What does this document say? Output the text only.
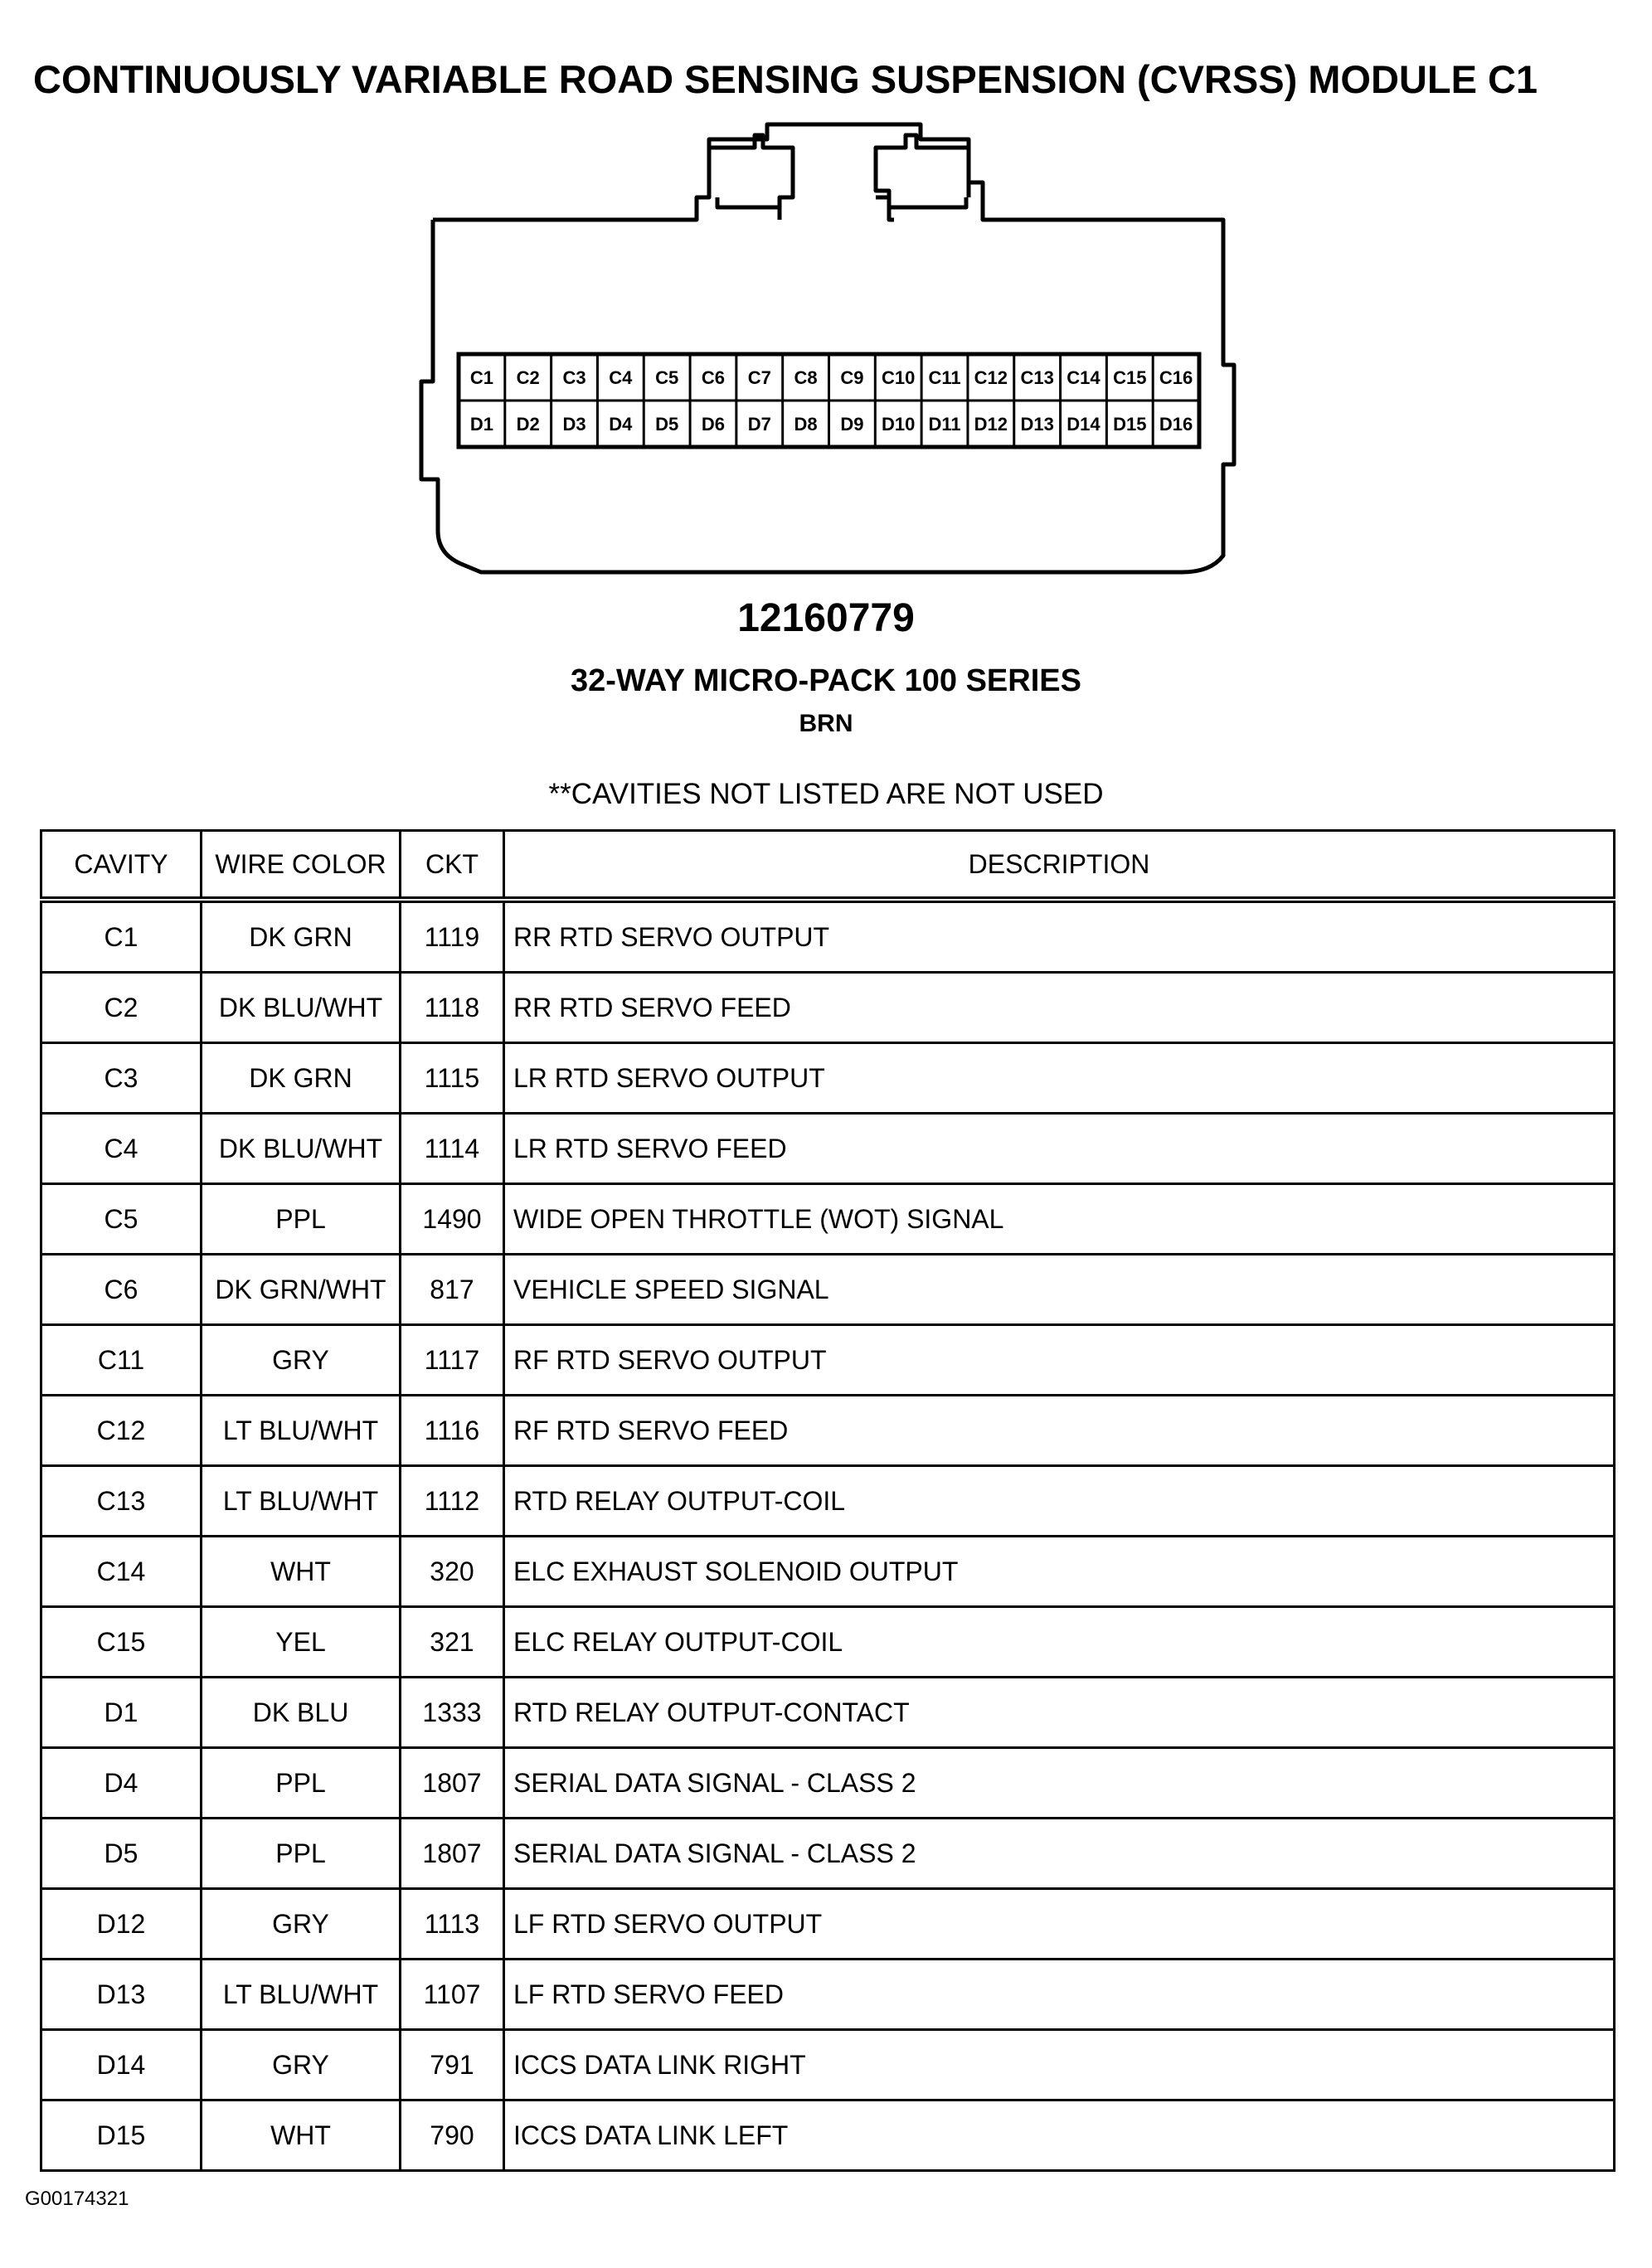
CONTINUOUSLY VARIABLE ROAD SENSING SUSPENSION (CVRSS) MODULE C1
C1 C2 C3 C4 C5 C6 C7 C8 C9 C10 C11 C12 C13 C14 C15 C16
D1 D2 D3 D4 D5 D6 D7 D8 D9 D10 D11 D12 D13 D14 D15 D16
12160779
32-WAY MICRO-PACK 100 SERIES
BRN
**CAVITIES NOT LISTED ARE NOT USED
CAVITY	WIRE COLOR	CKT	DESCRIPTION
C1	DK GRN	1119	RR RTD SERVO OUTPUT
C2	DK BLU/WHT	1118	RR RTD SERVO FEED
C3	DK GRN	1115	LR RTD SERVO OUTPUT
C4	DK BLU/WHT	1114	LR RTD SERVO FEED
C5	PPL	1490	WIDE OPEN THROTTLE (WOT) SIGNAL
C6	DK GRN/WHT	817	VEHICLE SPEED SIGNAL
C11	GRY	1117	RF RTD SERVO OUTPUT
C12	LT BLU/WHT	1116	RF RTD SERVO FEED
C13	LT BLU/WHT	1112	RTD RELAY OUTPUT-COIL
C14	WHT	320	ELC EXHAUST SOLENOID OUTPUT
C15	YEL	321	ELC RELAY OUTPUT-COIL
D1	DK BLU	1333	RTD RELAY OUTPUT-CONTACT
D4	PPL	1807	SERIAL DATA SIGNAL - CLASS 2
D5	PPL	1807	SERIAL DATA SIGNAL - CLASS 2
D12	GRY	1113	LF RTD SERVO OUTPUT
D13	LT BLU/WHT	1107	LF RTD SERVO FEED
D14	GRY	791	ICCS DATA LINK RIGHT
D15	WHT	790	ICCS DATA LINK LEFT
G00174321
